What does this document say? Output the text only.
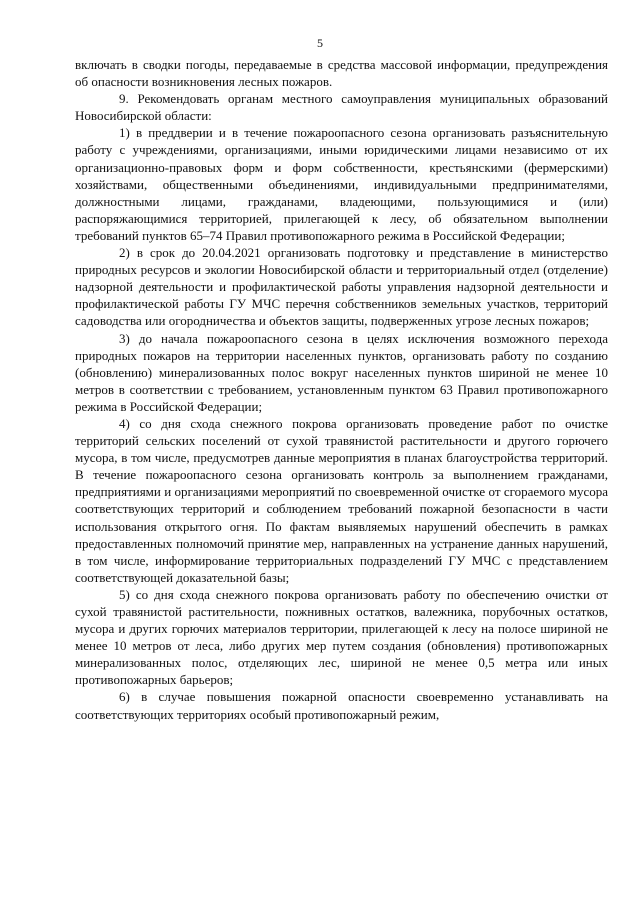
5

включать в сводки погоды, передаваемые в средства массовой информации, предупреждения об опасности возникновения лесных пожаров.

9. Рекомендовать органам местного самоуправления муниципальных образований Новосибирской области:

1) в преддверии и в течение пожароопасного сезона организовать разъяснительную работу с учреждениями, организациями, иными юридическими лицами независимо от их организационно-правовых форм и форм собственности, крестьянскими (фермерскими) хозяйствами, общественными объединениями, индивидуальными предпринимателями, должностными лицами, гражданами, владеющими, пользующимися и (или) распоряжающимися территорией, прилегающей к лесу, об обязательном выполнении требований пунктов 65–74 Правил противопожарного режима в Российской Федерации;

2) в срок до 20.04.2021 организовать подготовку и представление в министерство природных ресурсов и экологии Новосибирской области и территориальный отдел (отделение) надзорной деятельности и профилактической работы управления надзорной деятельности и профилактической работы ГУ МЧС перечня собственников земельных участков, территорий садоводства или огородничества и объектов защиты, подверженных угрозе лесных пожаров;

3) до начала пожароопасного сезона в целях исключения возможного перехода природных пожаров на территории населенных пунктов, организовать работу по созданию (обновлению) минерализованных полос вокруг населенных пунктов шириной не менее 10 метров в соответствии с требованием, установленным пунктом 63 Правил противопожарного режима в Российской Федерации;

4) со дня схода снежного покрова организовать проведение работ по очистке территорий сельских поселений от сухой травянистой растительности и другого горючего мусора, в том числе, предусмотрев данные мероприятия в планах благоустройства территорий. В течение пожароопасного сезона организовать контроль за выполнением гражданами, предприятиями и организациями мероприятий по своевременной очистке от сгораемого мусора соответствующих территорий и соблюдением требований пожарной безопасности в части использования открытого огня. По фактам выявляемых нарушений обеспечить в рамках предоставленных полномочий принятие мер, направленных на устранение данных нарушений, в том числе, информирование территориальных подразделений ГУ МЧС с представлением соответствующей доказательной базы;

5) со дня схода снежного покрова организовать работу по обеспечению очистки от сухой травянистой растительности, пожнивных остатков, валежника, порубочных остатков, мусора и других горючих материалов территории, прилегающей к лесу на полосе шириной не менее 10 метров от леса, либо других мер путем создания (обновления) противопожарных минерализованных полос, отделяющих лес, шириной не менее 0,5 метра или иных противопожарных барьеров;

6) в случае повышения пожарной опасности своевременно устанавливать на соответствующих территориях особый противопожарный режим,
